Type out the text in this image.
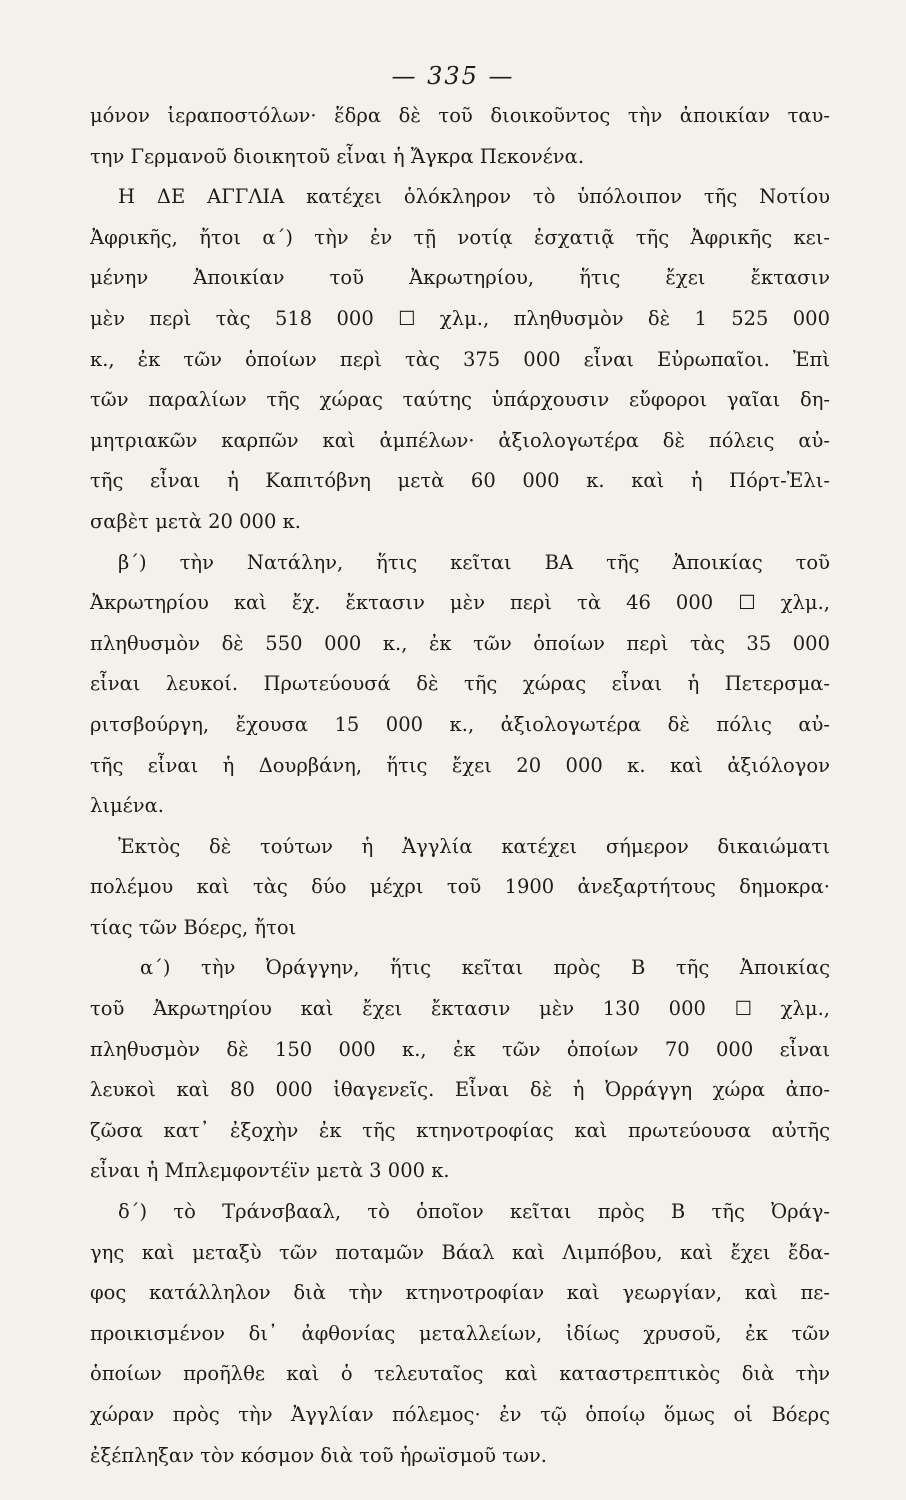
— 335 —
μόνον ἱεραποστόλων· ἕδρα δὲ τοῦ διοικοῦντος τὴν ἀποικίαν ταυ-
την Γερμανοῦ διοικητοῦ εἶναι ἡ Ἄγκρα Πεκονένα.
Η ΔΕ ΑΓΓΛΙΑ κατέχει ὁλόκληρον τὸ ὑπόλοιπον τῆς Νοτίου
Ἀφρικῆς, ἤτοι α΄) τὴν ἐν τῇ νοτίᾳ ἐσχατιᾷ τῆς Ἀφρικῆς κει-
μένην Ἀποικίαν τοῦ Ἀκρωτηρίου, ἥτις ἔχει ἔκτασιν
μὲν περὶ τὰς 518 000 ☐ χλμ., πληθυσμὸν δὲ 1 525 000
κ., ἐκ τῶν ὁποίων περὶ τὰς 375 000 εἶναι Εὐρωπαῖοι. Ἐπὶ
τῶν παραλίων τῆς χώρας ταύτης ὑπάρχουσιν εὔφοροι γαῖαι δη-
μητριακῶν καρπῶν καὶ ἀμπέλων· ἀξιολογωτέρα δὲ πόλεις αὐ-
τῆς εἶναι ἡ Καπιτόβνη μετὰ 60 000 κ. καὶ ἡ Πόρτ-Ἐλι-
σαβὲτ μετὰ 20 000 κ.
β΄) τὴν Νατάλην, ἥτις κεῖται ΒΑ τῆς Ἀποικίας τοῦ
Ἀκρωτηρίου καὶ ἔχ. ἔκτασιν μὲν περὶ τὰ 46 000 ☐ χλμ.,
πληθυσμὸν δὲ 550 000 κ., ἐκ τῶν ὁποίων περὶ τὰς 35 000
εἶναι λευκοί. Πρωτεύουσά δὲ τῆς χώρας εἶναι ἡ Πετερσμα-
ριτσβούργη, ἔχουσα 15 000 κ., ἀξιολογωτέρα δὲ πόλις αὐ-
τῆς εἶναι ἡ Δουρβάνη, ἥτις ἔχει 20 000 κ. καὶ ἀξιόλογον
λιμένα.
Ἐκτὸς δὲ τούτων ἡ Ἀγγλία κατέχει σήμερον δικαιώματι
πολέμου καὶ τὰς δύο μέχρι τοῦ 1900 ἀνεξαρτήτους δημοκρα·
τίας τῶν Βόερς, ἤτοι
α΄) τὴν Ὀράγγην, ἥτις κεῖται πρὸς Β τῆς Ἀποικίας
τοῦ Ἀκρωτηρίου καὶ ἔχει ἔκτασιν μὲν 130 000 ☐ χλμ.,
πληθυσμὸν δὲ 150 000 κ., ἐκ τῶν ὁποίων 70 000 εἶναι
λευκοὶ καὶ 80 000 ἰθαγενεῖς. Εἶναι δὲ ἡ Ὀρράγγη χώρα ἀπο-
ζῶσα κατ᾽ ἐξοχὴν ἐκ τῆς κτηνοτροφίας καὶ πρωτεύουσα αὐτῆς
εἶναι ἡ Μπλεμφοντέϊν μετὰ 3 000 κ.
δ΄) τὸ Τράνσβααλ, τὸ ὁποῖον κεῖται πρὸς Β τῆς Ὀράγ-
γης καὶ μεταξὺ τῶν ποταμῶν Βάαλ καὶ Λιμπόβου, καὶ ἔχει ἔδα-
φος κατάλληλον διὰ τὴν κτηνοτροφίαν καὶ γεωργίαν, καὶ πε-
προικισμένον δι᾽ ἀφθονίας μεταλλείων, ἰδίως χρυσοῦ, ἐκ τῶν
ὁποίων προῆλθε καὶ ὁ τελευταῖος καὶ καταστρεπτικὸς διὰ τὴν
χώραν πρὸς τὴν Ἀγγλίαν πόλεμος· ἐν τῷ ὁποίῳ ὅμως οἱ Βόερς
ἐξέπληξαν τὸν κόσμον διὰ τοῦ ἡρωϊσμοῦ των.
